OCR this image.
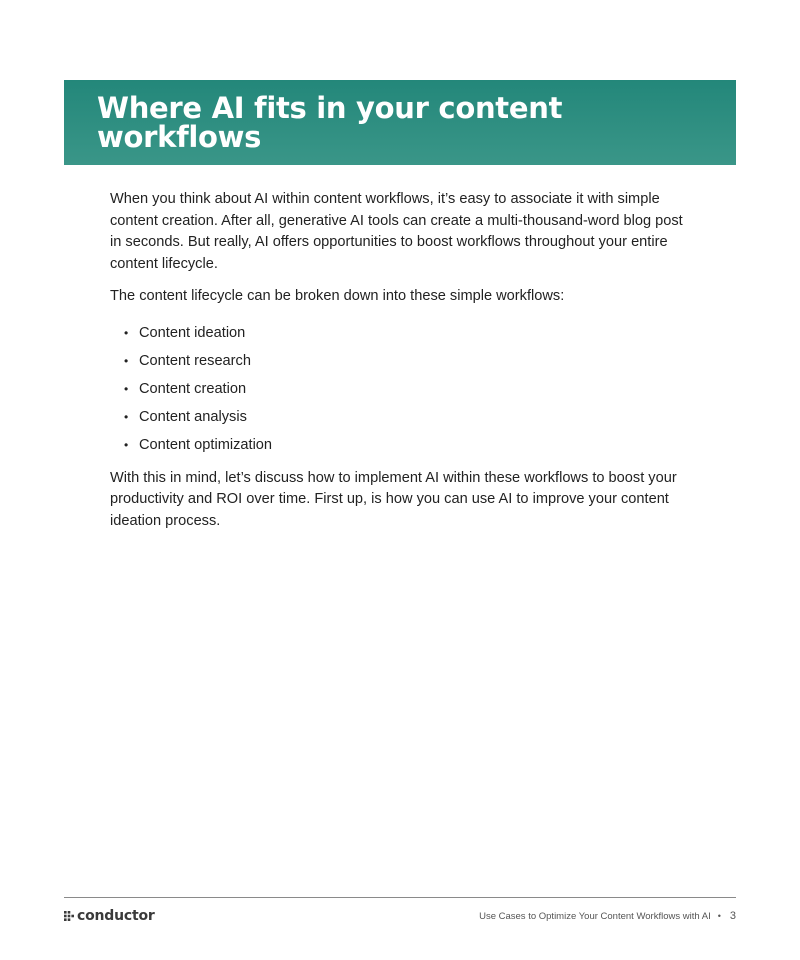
Where AI fits in your content workflows

When you think about AI within content workflows, it’s easy to associate it with simple content creation. After all, generative AI tools can create a multi-thousand-word blog post in seconds. But really, AI offers opportunities to boost workflows throughout your entire content lifecycle.

The content lifecycle can be broken down into these simple workflows:

• Content ideation
• Content research
• Content creation
• Content analysis
• Content optimization

With this in mind, let’s discuss how to implement AI within these workflows to boost your productivity and ROI over time. First up, is how you can use AI to improve your content ideation process.

conductor	Use Cases to Optimize Your Content Workflows with AI • 3
